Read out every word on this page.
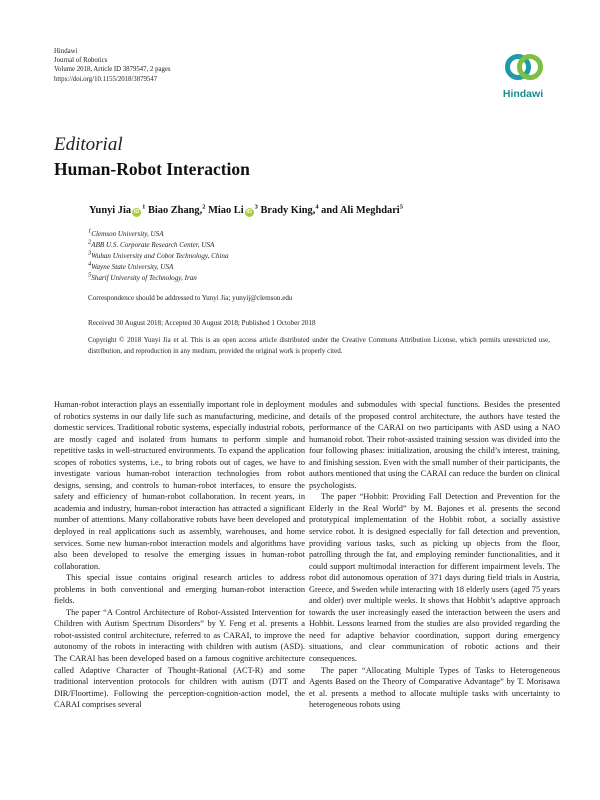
Hindawi
Journal of Robotics
Volume 2018, Article ID 3879547, 2 pages
https://doi.org/10.1155/2018/3879547
Hindawi
Editorial
Human-Robot Interaction
Yunyi Jia $iD^1$ Biao Zhang,$^2$ Miao Li $iD^3$ Brady King,$^4$ and Ali Meghdari$^5$
$^1$Clemson University, USA
$^2$ABB U.S. Corporate Research Center, USA
$^3$Wuhan University and Cobot Technology, China
$^4$Wayne State University, USA
$^5$Sharif University of Technology, Iran
Correspondence should be addressed to Yunyi Jia; yunyij@clemson.edu
Received 30 August 2018; Accepted 30 August 2018; Published 1 October 2018
Copyright © 2018 Yunyi Jia et al. This is an open access article distributed under the Creative Commons Attribution License, which permits unrestricted use, distribution, and reproduction in any medium, provided the original work is properly cited.

Human-robot interaction plays an essentially important role in deployment of robotics systems in our daily life such as manufacturing, medicine, and domestic services. Traditional robotic systems, especially industrial robots, are mostly caged and isolated from humans to perform simple and repetitive tasks in well-structured environments. To expand the application scopes of robotics systems, i.e., to bring robots out of cages, we have to investigate various human-robot interaction technologies from robot designs, sensing, and controls to human-robot interfaces, to ensure the safety and efficiency of human-robot collaboration. In recent years, in academia and industry, human-robot interaction has attracted a significant number of attentions. Many collaborative robots have been developed and deployed in real applications such as assembly, warehouses, and home services. Some new human-robot interaction models and algorithms have also been developed to resolve the emerging issues in human-robot collaboration.

This special issue contains original research articles to address problems in both conventional and emerging human-robot interaction fields.

The paper “A Control Architecture of Robot-Assisted Intervention for Children with Autism Spectrum Disorders” by Y. Feng et al. presents a robot-assisted control architecture, referred to as CARAI, to improve the autonomy of the robots in interacting with children with autism (ASD). The CARAI has been developed based on a famous cognitive architecture called Adaptive Character of Thought-Rational (ACT-R) and some traditional intervention protocols for children with autism (DTT and DIR/Floortime). Following the perception-cognition-action model, the CARAI comprises several

modules and submodules with special functions. Besides the presented details of the proposed control architecture, the authors have tested the performance of the CARAI on two participants with ASD using a NAO humanoid robot. Their robot-assisted training session was divided into the four following phases: initialization, arousing the child’s interest, training, and finishing session. Even with the small number of their participants, the authors mentioned that using the CARAI can reduce the burden on clinical psychologists.

The paper “Hobbit: Providing Fall Detection and Prevention for the Elderly in the Real World” by M. Bajones et al. presents the second prototypical implementation of the Hobbit robot, a socially assistive service robot. It is designed especially for fall detection and prevention, providing various tasks, such as picking up objects from the floor, patrolling through the fat, and employing reminder functionalities, and it could support multimodal interaction for different impairment levels. The robot did autonomous operation of 371 days during field trials in Austria, Greece, and Sweden while interacting with 18 elderly users (aged 75 years and older) over multiple weeks. It shows that Hobbit’s adaptive approach towards the user increasingly eased the interaction between the users and Hobbit. Lessons learned from the studies are also provided regarding the need for adaptive behavior coordination, support during emergency situations, and clear communication of robotic actions and their consequences.

The paper “Allocating Multiple Types of Tasks to Heterogeneous Agents Based on the Theory of Comparative Advantage” by T. Morisawa et al. presents a method to allocate multiple tasks with uncertainty to heterogeneous robots using
